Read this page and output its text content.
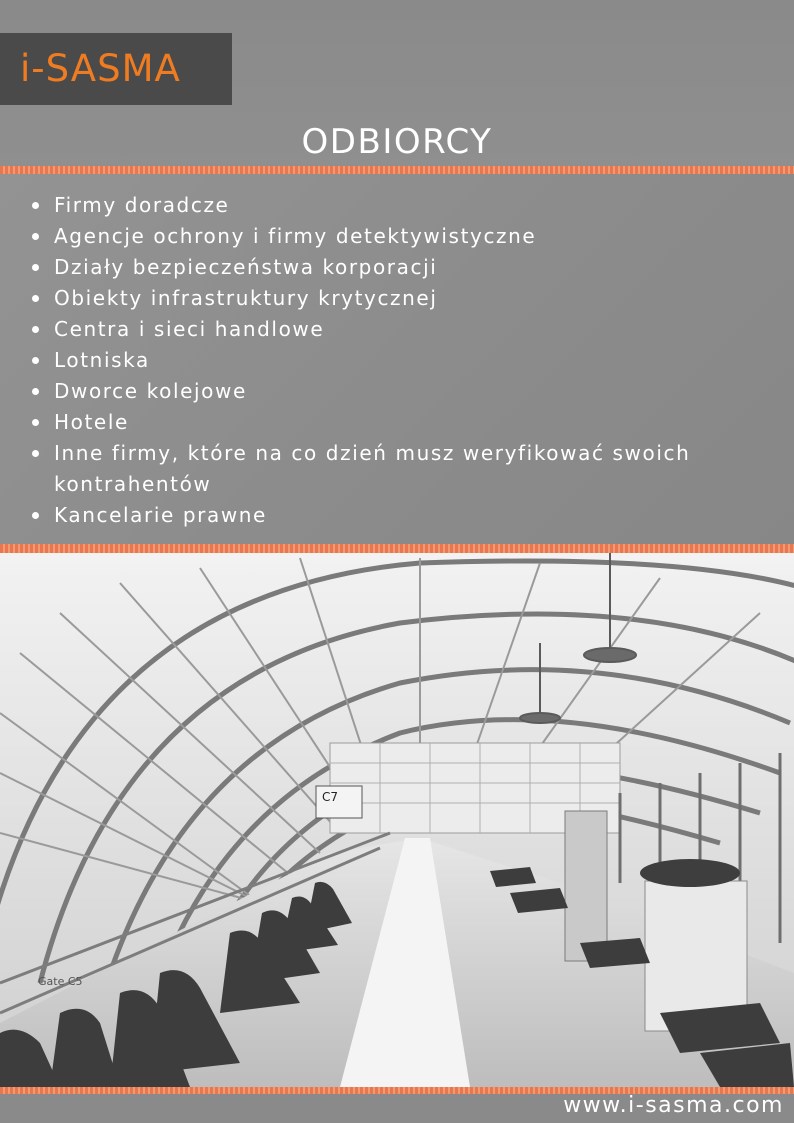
i-SASMA
ODBIORCY
Firmy doradcze
Agencje ochrony i firmy detektywistyczne
Działy bezpieczeństwa korporacji
Obiekty infrastruktury krytycznej
Centra i sieci handlowe
Lotniska
Dworce kolejowe
Hotele
Inne firmy, które na co dzień musz weryfikować swoich kontrahentów
Kancelarie prawne
C7
Gate C5
www.i-sasma.com
